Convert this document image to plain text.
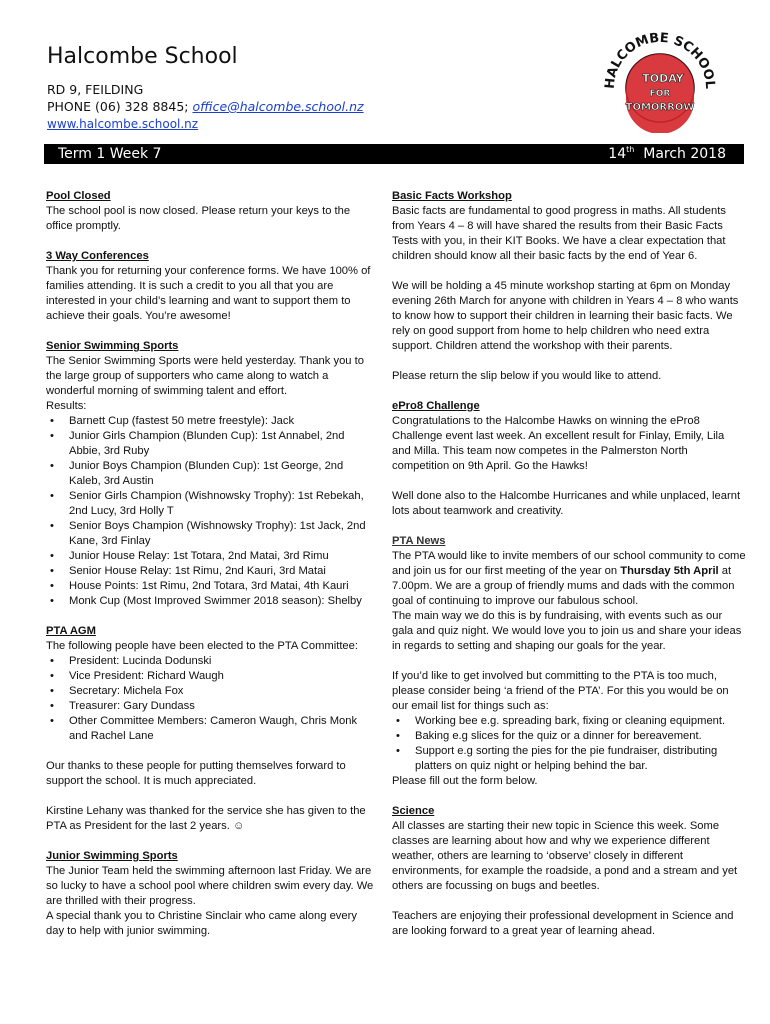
Halcombe School
RD 9, FEILDING
PHONE (06) 328 8845; office@halcombe.school.nz
www.halcombe.school.nz
HALCOMBE SCHOOL
TODAY
FOR
TOMORROW
Term 1 Week 7	14th March 2018
Pool Closed

The school pool is now closed. Please return your keys to the office promptly.

3 Way Conferences

Thank you for returning your conference forms. We have 100% of families attending. It is such a credit to you all that you are interested in your child’s learning and want to support them to achieve their goals. You’re awesome!

Senior Swimming Sports

The Senior Swimming Sports were held yesterday. Thank you to the large group of supporters who came along to watch a wonderful morning of swimming talent and effort.

Results:

• Barnett Cup (fastest 50 metre freestyle): Jack
• Junior Girls Champion (Blunden Cup): 1st Annabel, 2nd Abbie, 3rd Ruby
• Junior Boys Champion (Blunden Cup): 1st George, 2nd Kaleb, 3rd Austin
• Senior Girls Champion (Wishnowsky Trophy): 1st Rebekah, 2nd Lucy, 3rd Holly T
• Senior Boys Champion (Wishnowsky Trophy): 1st Jack, 2nd Kane, 3rd Finlay
• Junior House Relay: 1st Totara, 2nd Matai, 3rd Rimu
• Senior House Relay: 1st Rimu, 2nd Kauri, 3rd Matai
• House Points: 1st Rimu, 2nd Totara, 3rd Matai, 4th Kauri
• Monk Cup (Most Improved Swimmer 2018 season): Shelby
PTA AGM

The following people have been elected to the PTA Committee:

• President: Lucinda Dodunski
• Vice President: Richard Waugh
• Secretary: Michela Fox
• Treasurer: Gary Dundass
• Other Committee Members: Cameron Waugh, Chris Monk and Rachel Lane

Our thanks to these people for putting themselves forward to support the school. It is much appreciated.

Kirstine Lehany was thanked for the service she has given to the PTA as President for the last 2 years. ☺

Junior Swimming Sports

The Junior Team held the swimming afternoon last Friday. We are so lucky to have a school pool where children swim every day. We are thrilled with their progress.

A special thank you to Christine Sinclair who came along every day to help with junior swimming.

Basic Facts Workshop

Basic facts are fundamental to good progress in maths. All students from Years 4 – 8 will have shared the results from their Basic Facts Tests with you, in their KIT Books. We have a clear expectation that children should know all their basic facts by the end of Year 6.

We will be holding a 45 minute workshop starting at 6pm on Monday evening 26th March for anyone with children in Years 4 – 8 who wants to know how to support their children in learning their basic facts. We rely on good support from home to help children who need extra support. Children attend the workshop with their parents.

Please return the slip below if you would like to attend.

ePro8 Challenge

Congratulations to the Halcombe Hawks on winning the ePro8 Challenge event last week. An excellent result for Finlay, Emily, Lila and Milla. This team now competes in the Palmerston North competition on 9th April. Go the Hawks!

Well done also to the Halcombe Hurricanes and while unplaced, learnt lots about teamwork and creativity.

PTA News

The PTA would like to invite members of our school community to come and join us for our first meeting of the year on Thursday 5th April at 7.00pm. We are a group of friendly mums and dads with the common goal of continuing to improve our fabulous school.

The main way we do this is by fundraising, with events such as our gala and quiz night. We would love you to join us and share your ideas in regards to setting and shaping our goals for the year.

If you’d like to get involved but committing to the PTA is too much, please consider being ‘a friend of the PTA’. For this you would be on our email list for things such as:

• Working bee e.g. spreading bark, fixing or cleaning equipment.
• Baking e.g slices for the quiz or a dinner for bereavement.
• Support e.g sorting the pies for the pie fundraiser, distributing platters on quiz night or helping behind the bar.

Please fill out the form below.

Science

All classes are starting their new topic in Science this week. Some classes are learning about how and why we experience different weather, others are learning to ‘observe’ closely in different environments, for example the roadside, a pond and a stream and yet others are focussing on bugs and beetles.

Teachers are enjoying their professional development in Science and are looking forward to a great year of learning ahead.
